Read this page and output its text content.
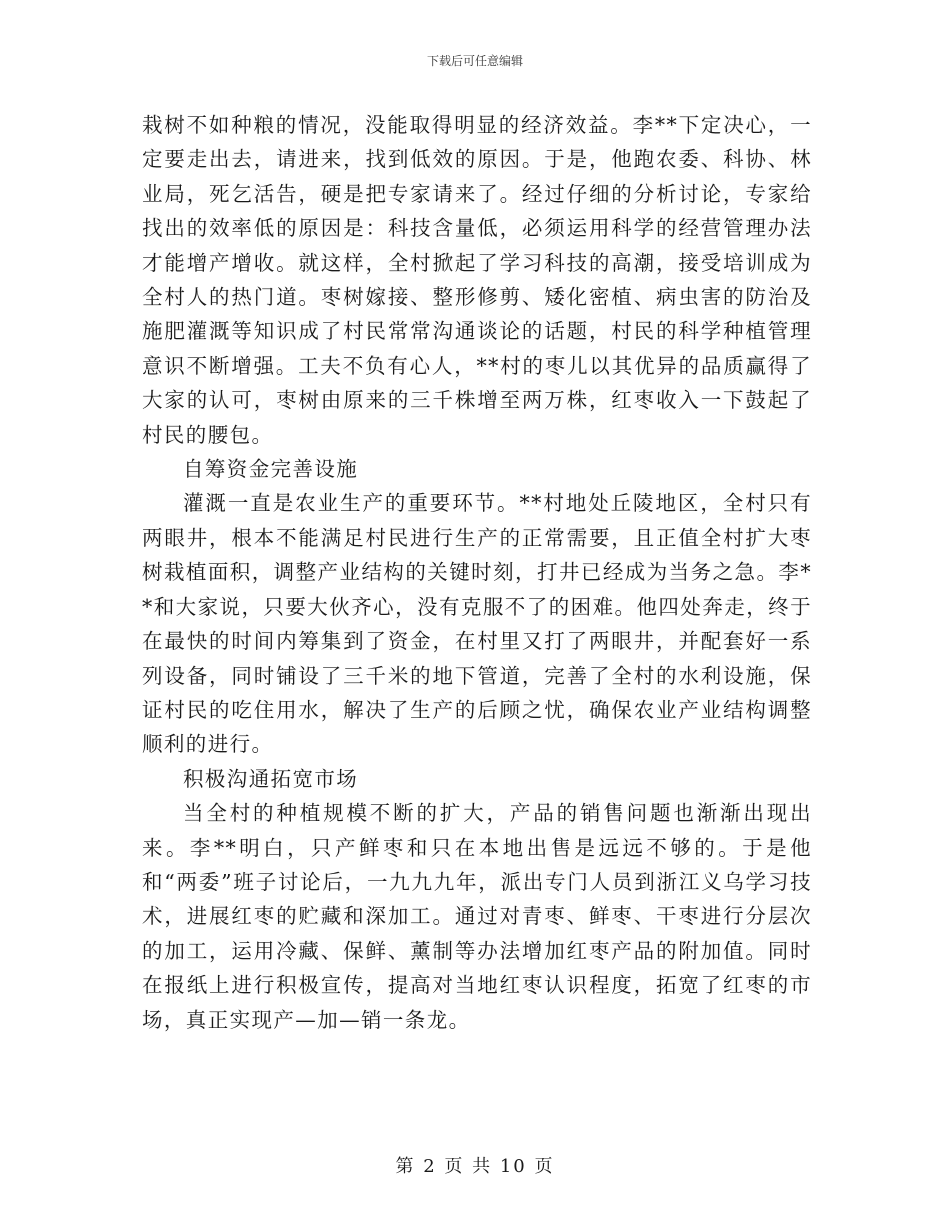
下载后可任意编辑

栽树不如种粮的情况，没能取得明显的经济效益。李**下定决心，一定要走出去，请进来，找到低效的原因。于是，他跑农委、科协、林业局，死乞活告，硬是把专家请来了。经过仔细的分析讨论，专家给找出的效率低的原因是：科技含量低，必须运用科学的经营管理办法才能增产增收。就这样，全村掀起了学习科技的高潮，接受培训成为全村人的热门道。枣树嫁接、整形修剪、矮化密植、病虫害的防治及施肥灌溉等知识成了村民常常沟通谈论的话题，村民的科学种植管理意识不断增强。工夫不负有心人，**村的枣儿以其优异的品质赢得了大家的认可，枣树由原来的三千株增至两万株，红枣收入一下鼓起了村民的腰包。

自筹资金完善设施

灌溉一直是农业生产的重要环节。**村地处丘陵地区，全村只有两眼井，根本不能满足村民进行生产的正常需要，且正值全村扩大枣树栽植面积，调整产业结构的关键时刻，打井已经成为当务之急。李**和大家说，只要大伙齐心，没有克服不了的困难。他四处奔走，终于在最快的时间内筹集到了资金，在村里又打了两眼井，并配套好一系列设备，同时铺设了三千米的地下管道，完善了全村的水利设施，保证村民的吃住用水，解决了生产的后顾之忧，确保农业产业结构调整顺利的进行。

积极沟通拓宽市场

当全村的种植规模不断的扩大，产品的销售问题也渐渐出现出来。李**明白，只产鲜枣和只在本地出售是远远不够的。于是他和“两委”班子讨论后，一九九九年，派出专门人员到浙江义乌学习技术，进展红枣的贮藏和深加工。通过对青枣、鲜枣、干枣进行分层次的加工，运用冷藏、保鲜、薰制等办法增加红枣产品的附加值。同时在报纸上进行积极宣传，提高对当地红枣认识程度，拓宽了红枣的市场，真正实现产—加—销一条龙。

第 2 页 共 10 页
